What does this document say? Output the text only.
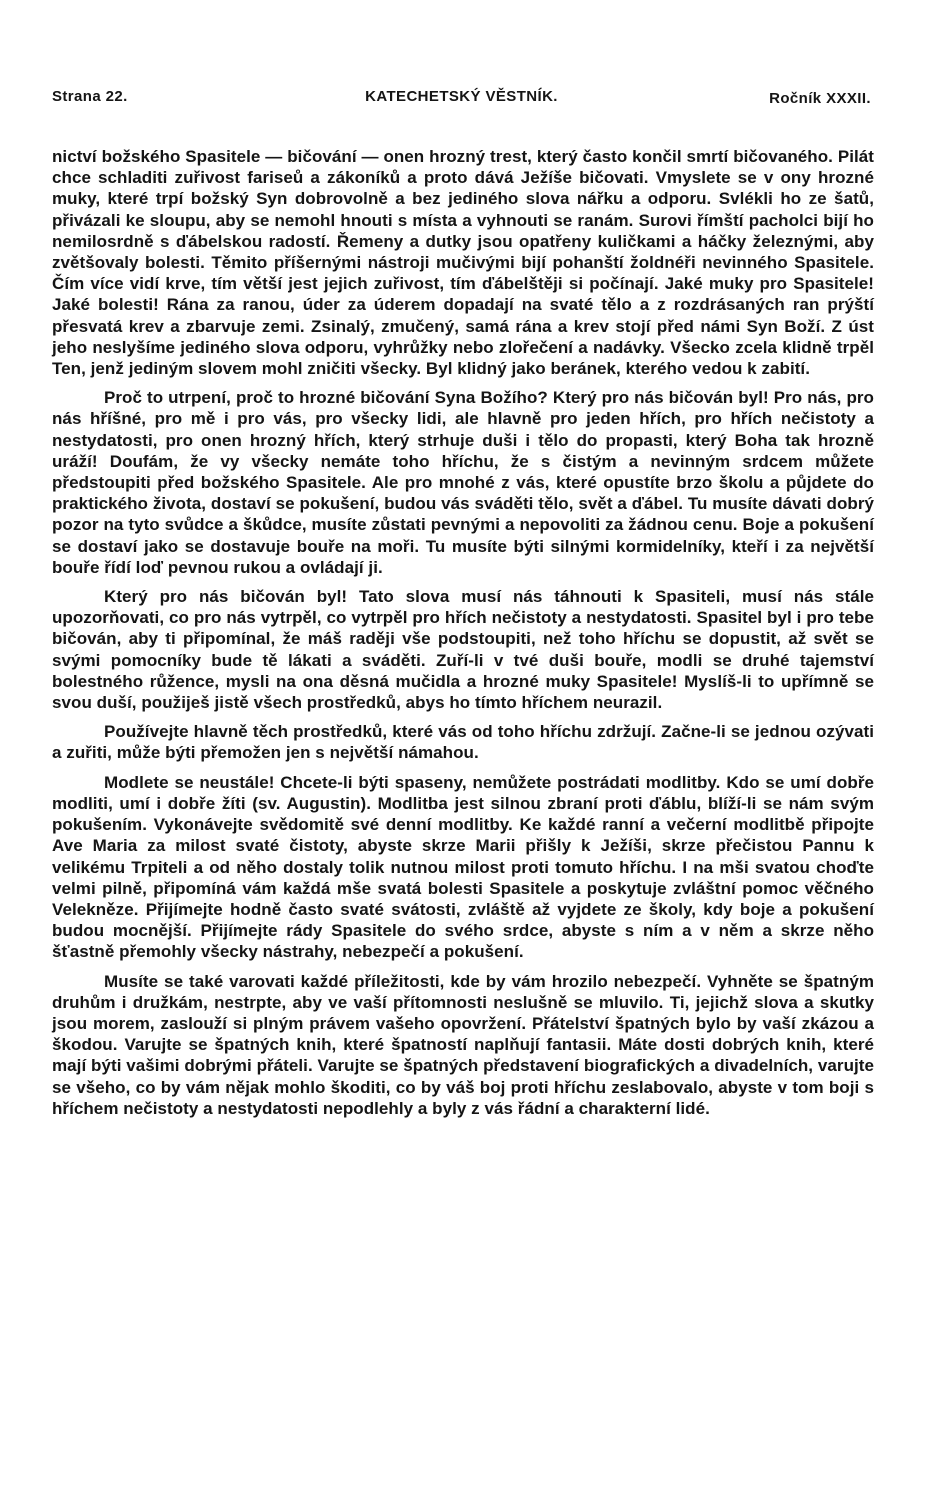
Strana 22.	KATECHETSKÝ VĚSTNÍK.	Ročník XXXII.

nictví božského Spasitele — bičování — onen hrozný trest, který často končil smrtí bičovaného. Pilát chce schladiti zuřivost fariseů a zákoníků a proto dává Ježíše bičovati. Vmyslete se v ony hrozné muky, které trpí božský Syn dobrovolně a bez jediného slova nářku a odporu. Svlékli ho ze šatů, přivázali ke sloupu, aby se nemohl hnouti s místa a vyhnouti se ranám. Surovi římští pacholci bijí ho nemilosrdně s ďábelskou radostí. Řemeny a dutky jsou opatřeny kuličkami a háčky železnými, aby zvětšovaly bolesti. Těmito příšernými nástroji mučivými bijí pohanští žoldnéři nevinného Spasitele. Čím více vidí krve, tím větší jest jejich zuřivost, tím ďábelštěji si počínají. Jaké muky pro Spasitele! Jaké bolesti! Rána za ranou, úder za úderem dopadají na svaté tělo a z rozdrásaných ran prýští přesvatá krev a zbarvuje zemi. Zsinalý, zmučený, samá rána a krev stojí před námi Syn Boží. Z úst jeho neslyšíme jediného slova odporu, vyhrůžky nebo zlořečení a nadávky. Všecko zcela klidně trpěl Ten, jenž jediným slovem mohl zničiti všecky. Byl klidný jako beránek, kterého vedou k zabití.

Proč to utrpení, proč to hrozné bičování Syna Božího? Který pro nás bičován byl! Pro nás, pro nás hříšné, pro mě i pro vás, pro všecky lidi, ale hlavně pro jeden hřích, pro hřích nečistoty a nestydatosti, pro onen hrozný hřích, který strhuje duši i tělo do propasti, který Boha tak hrozně uráží! Doufám, že vy všecky nemáte toho hříchu, že s čistým a nevinným srdcem můžete předstoupiti před božského Spasitele. Ale pro mnohé z vás, které opustíte brzo školu a půjdete do praktického života, dostaví se pokušení, budou vás sváděti tělo, svět a ďábel. Tu musíte dávati dobrý pozor na tyto svůdce a škůdce, musíte zůstati pevnými a nepovoliti za žádnou cenu. Boje a pokušení se dostaví jako se dostavuje bouře na moři. Tu musíte býti silnými kormidelníky, kteří i za největší bouře řídí loď pevnou rukou a ovládají ji.

Který pro nás bičován byl! Tato slova musí nás táhnouti k Spasiteli, musí nás stále upozorňovati, co pro nás vytrpěl, co vytrpěl pro hřích nečistoty a nestydatosti. Spasitel byl i pro tebe bičován, aby ti připomínal, že máš raději vše podstoupiti, než toho hříchu se dopustit, až svět se svými pomocníky bude tě lákati a sváděti. Zuří-li v tvé duši bouře, modli se druhé tajemství bolestného růžence, mysli na ona děsná mučidla a hrozné muky Spasitele! Myslíš-li to upřímně se svou duší, použiješ jistě všech prostředků, abys ho tímto hříchem neurazil.

Používejte hlavně těch prostředků, které vás od toho hříchu zdržují. Začne-li se jednou ozývati a zuřiti, může býti přemožen jen s největší námahou.

Modlete se neustále! Chcete-li býti spaseny, nemůžete postrádati modlitby. Kdo se umí dobře modliti, umí i dobře žíti (sv. Augustin). Modlitba jest silnou zbraní proti ďáblu, blíží-li se nám svým pokušením. Vykonávejte svědomitě své denní modlitby. Ke každé ranní a večerní modlitbě připojte Ave Maria za milost svaté čistoty, abyste skrze Marii přišly k Ježíši, skrze přečistou Pannu k velikému Trpiteli a od něho dostaly tolik nutnou milost proti tomuto hříchu. I na mši svatou choďte velmi pilně, připomíná vám každá mše svatá bolesti Spasitele a poskytuje zvláštní pomoc věčného Velekněze. Přijímejte hodně často svaté svátosti, zvláště až vyjdete ze školy, kdy boje a pokušení budou mocnější. Přijímejte rády Spasitele do svého srdce, abyste s ním a v něm a skrze něho šťastně přemohly všecky nástrahy, nebezpečí a pokušení.

Musíte se také varovati každé příležitosti, kde by vám hrozilo nebezpečí. Vyhněte se špatným druhům i družkám, nestrpte, aby ve vaší přítomnosti neslušně se mluvilo. Ti, jejichž slova a skutky jsou morem, zaslouží si plným právem vašeho opovržení. Přátelství špatných bylo by vaší zkázou a škodou. Varujte se špatných knih, které špatností naplňují fantasii. Máte dosti dobrých knih, které mají býti vašimi dobrými přáteli. Varujte se špatných představení biografických a divadelních, varujte se všeho, co by vám nějak mohlo škoditi, co by váš boj proti hříchu zeslabovalo, abyste v tom boji s hříchem nečistoty a nestydatosti nepodlehly a byly z vás řádní a charakterní lidé.
